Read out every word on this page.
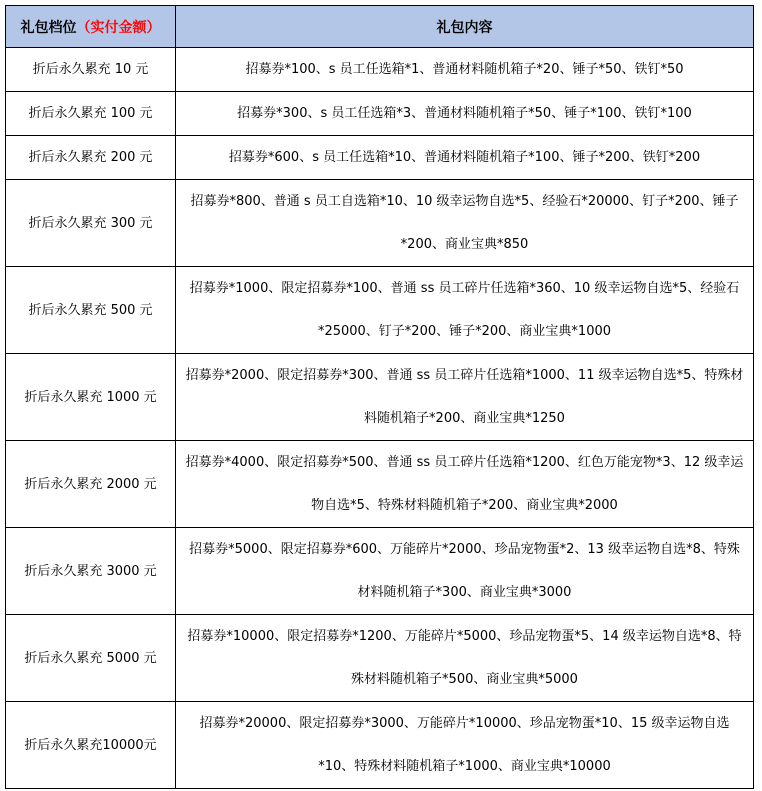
礼包档位（实付金额）	礼包内容
折后永久累充 10 元	招募券*100、s 员工任选箱*1、普通材料随机箱子*20、锤子*50、铁钉*50
折后永久累充 100 元	招募券*300、s 员工任选箱*3、普通材料随机箱子*50、锤子*100、铁钉*100
折后永久累充 200 元	招募券*600、s 员工任选箱*10、普通材料随机箱子*100、锤子*200、铁钉*200
折后永久累充 300 元	招募券*800、普通 s 员工自选箱*10、10 级幸运物自选*5、经验石*20000、钉子*200、锤子*200、商业宝典*850
折后永久累充 500 元	招募券*1000、限定招募券*100、普通 ss 员工碎片任选箱*360、10 级幸运物自选*5、经验石*25000、钉子*200、锤子*200、商业宝典*1000
折后永久累充 1000 元	招募券*2000、限定招募券*300、普通 ss 员工碎片任选箱*1000、11 级幸运物自选*5、特殊材料随机箱子*200、商业宝典*1250
折后永久累充 2000 元	招募券*4000、限定招募券*500、普通 ss 员工碎片任选箱*1200、红色万能宠物*3、12 级幸运物自选*5、特殊材料随机箱子*200、商业宝典*2000
折后永久累充 3000 元	招募券*5000、限定招募券*600、万能碎片*2000、珍品宠物蛋*2、13 级幸运物自选*8、特殊材料随机箱子*300、商业宝典*3000
折后永久累充 5000 元	招募券*10000、限定招募券*1200、万能碎片*5000、珍品宠物蛋*5、14 级幸运物自选*8、特殊材料随机箱子*500、商业宝典*5000
折后永久累充10000元	招募券*20000、限定招募券*3000、万能碎片*10000、珍品宠物蛋*10、15 级幸运物自选*10、特殊材料随机箱子*1000、商业宝典*10000
